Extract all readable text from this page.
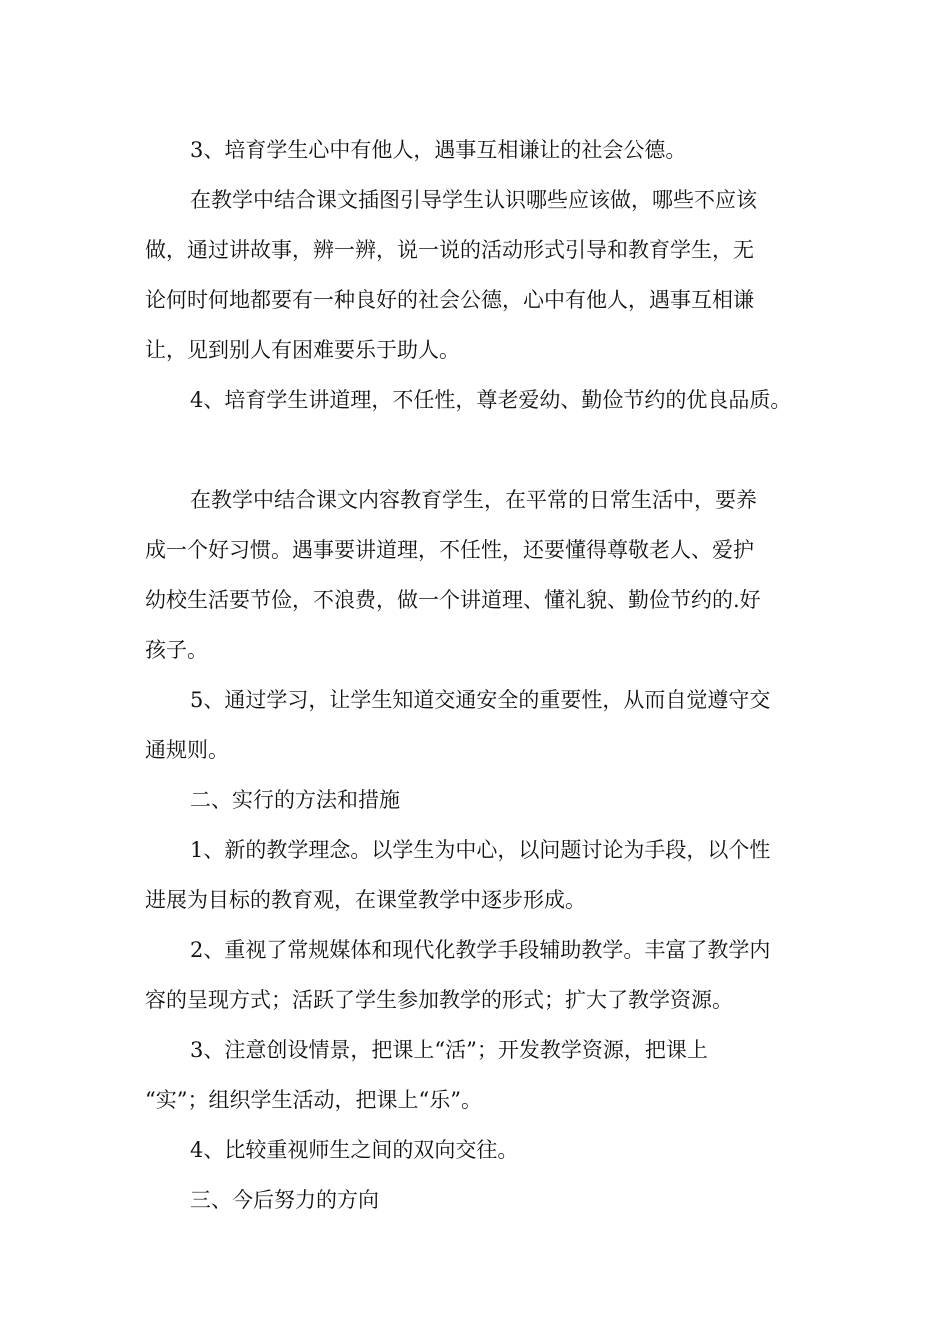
3、培育学生心中有他人，遇事互相谦让的社会公德。
在教学中结合课文插图引导学生认识哪些应该做，哪些不应该
做，通过讲故事，辨一辨，说一说的活动形式引导和教育学生，无
论何时何地都要有一种良好的社会公德，心中有他人，遇事互相谦
让，见到别人有困难要乐于助人。
4、培育学生讲道理，不任性，尊老爱幼、勤俭节约的优良品质。
在教学中结合课文内容教育学生，在平常的日常生活中，要养
成一个好习惯。遇事要讲道理，不任性，还要懂得尊敬老人、爱护
幼校生活要节俭，不浪费，做一个讲道理、懂礼貌、勤俭节约的.好
孩子。
5、通过学习，让学生知道交通安全的重要性，从而自觉遵守交
通规则。
二、实行的方法和措施
1、新的教学理念。以学生为中心，以问题讨论为手段，以个性
进展为目标的教育观，在课堂教学中逐步形成。
2、重视了常规媒体和现代化教学手段辅助教学。丰富了教学内
容的呈现方式；活跃了学生参加教学的形式；扩大了教学资源。
3、注意创设情景，把课上“活”；开发教学资源，把课上
“实”；组织学生活动，把课上“乐”。
4、比较重视师生之间的双向交往。
三、今后努力的方向
